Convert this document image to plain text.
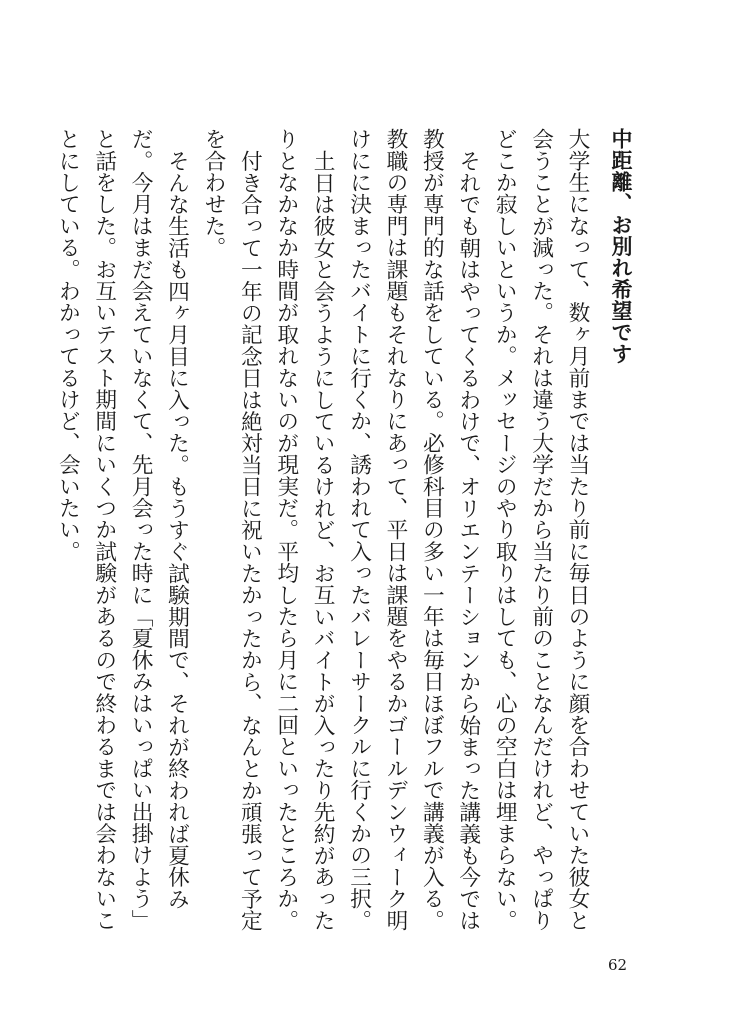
中距離、お別れ希望です

大学生になって、数ヶ月前までは当たり前に毎日のように顔を合わせていた彼女と会うことが減った。それは違う大学だから当たり前のことなんだけれど、やっぱりどこか寂しいというか。メッセージのやり取りはしても、心の空白は埋まらない。

それでも朝はやってくるわけで、オリエンテーションから始まった講義も今では教授が専門的な話をしている。必修科目の多い一年は毎日ほぼフルで講義が入る。教職の専門は課題もそれなりにあって、平日は課題をやるかゴールデンウィーク明けにに決まったバイトに行くか、誘われて入ったバレーサークルに行くかの三択。

土日は彼女と会うようにしているけれど、お互いバイトが入ったり先約があったりとなかなか時間が取れないのが現実だ。平均したら月に二回といったところか。

付き合って一年の記念日は絶対当日に祝いたかったから、なんとか頑張って予定を合わせた。

そんな生活も四ヶ月目に入った。もうすぐ試験期間で、それが終われば夏休みだ。今月はまだ会えていなくて、先月会った時に「夏休みはいっぱい出掛けよう」と話をした。お互いテスト期間にいくつか試験があるので終わるまでは会わないことにしている。わかってるけど、会いたい。

62
